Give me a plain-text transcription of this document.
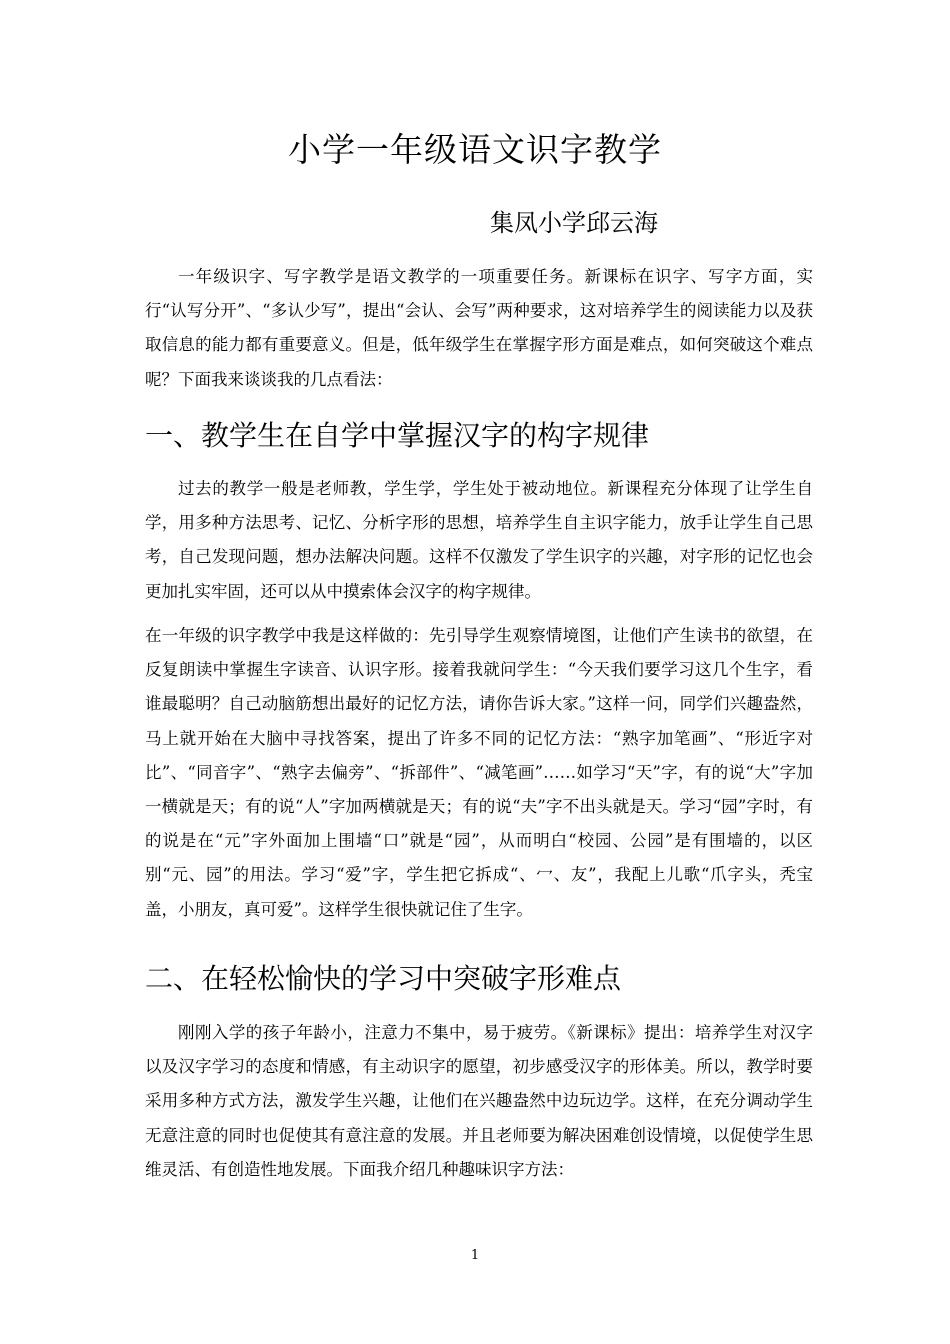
小学一年级语文识字教学
集凤小学邱云海

一年级识字、写字教学是语文教学的一项重要任务。新课标在识字、写字方面，实行“认写分开”、“多认少写”，提出“会认、会写”两种要求，这对培养学生的阅读能力以及获取信息的能力都有重要意义。但是，低年级学生在掌握字形方面是难点，如何突破这个难点呢？下面我来谈谈我的几点看法：

一、教学生在自学中掌握汉字的构字规律

过去的教学一般是老师教，学生学，学生处于被动地位。新课程充分体现了让学生自学，用多种方法思考、记忆、分析字形的思想，培养学生自主识字能力，放手让学生自己思考，自己发现问题，想办法解决问题。这样不仅激发了学生识字的兴趣，对字形的记忆也会更加扎实牢固，还可以从中摸索体会汉字的构字规律。

在一年级的识字教学中我是这样做的：先引导学生观察情境图，让他们产生读书的欲望，在反复朗读中掌握生字读音、认识字形。接着我就问学生：“今天我们要学习这几个生字，看谁最聪明？自己动脑筋想出最好的记忆方法，请你告诉大家。”这样一问，同学们兴趣盎然，马上就开始在大脑中寻找答案，提出了许多不同的记忆方法：“熟字加笔画”、“形近字对比”、“同音字”、“熟字去偏旁”、“拆部件”、“减笔画”……如学习“天”字，有的说“大”字加一横就是天；有的说“人”字加两横就是天；有的说“夫”字不出头就是天。学习“园”字时，有的说是在“元”字外面加上围墙“口”就是“园”，从而明白“校园、公园”是有围墙的，以区别“元、园”的用法。学习“爱”字，学生把它拆成“、冖、友”，我配上儿歌“爪字头，秃宝盖，小朋友，真可爱”。这样学生很快就记住了生字。

二、在轻松愉快的学习中突破字形难点

刚刚入学的孩子年龄小，注意力不集中，易于疲劳。《新课标》提出：培养学生对汉字以及汉字学习的态度和情感，有主动识字的愿望，初步感受汉字的形体美。所以，教学时要采用多种方式方法，激发学生兴趣，让他们在兴趣盎然中边玩边学。这样，在充分调动学生无意注意的同时也促使其有意注意的发展。并且老师要为解决困难创设情境，以促使学生思维灵活、有创造性地发展。下面我介绍几种趣味识字方法：

1
